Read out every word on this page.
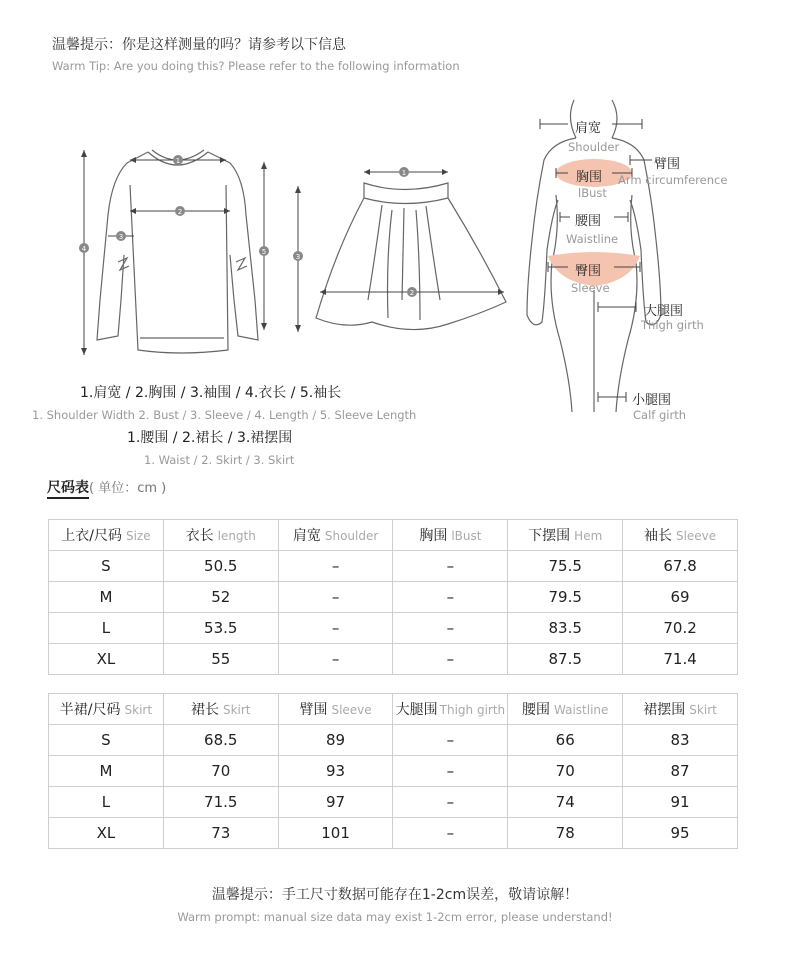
温馨提示：你是这样测量的吗？请参考以下信息
Warm Tip: Are you doing this? Please refer to the following information
1
2
3
4	5
1
3
2
肩宽
Shoulder
胸围
lBust
臂围
Arm circumference
腰围
Waistline
臀围
Sleeve
大腿围
Thigh girth
小腿围
Calf girth
1.肩宽 / 2.胸围 / 3.袖围 / 4.衣长 / 5.袖长
1. Shoulder Width 2. Bust / 3. Sleeve / 4. Length / 5. Sleeve Length
1.腰围 / 2.裙长 / 3.裙摆围
1. Waist / 2. Skirt / 3. Skirt
尺码表( 单位：cm )
上衣/尺码 Size	衣长 length	肩宽 Shoulder	胸围 lBust	下摆围 Hem	袖长 Sleeve
S	50.5	–	–	75.5	67.8
M	52	–	–	79.5	69
L	53.5	–	–	83.5	70.2
XL	55	–	–	87.5	71.4
半裙/尺码 Skirt	裙长 Skirt	臂围 Sleeve	大腿围 Thigh girth	腰围 Waistline	裙摆围 Skirt
S	68.5	89	–	66	83
M	70	93	–	70	87
L	71.5	97	–	74	91
XL	73	101	–	78	95
温馨提示：手工尺寸数据可能存在1-2cm误差，敬请谅解！
Warm prompt: manual size data may exist 1-2cm error, please understand!
